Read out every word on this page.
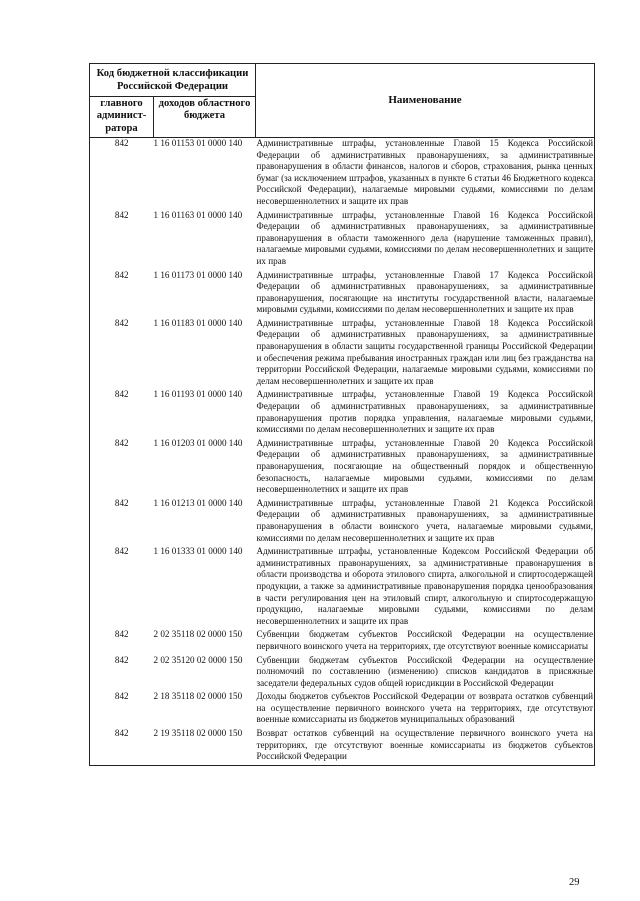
Код бюджетной классификации Российской Федерации		Наименование
главного админист-ратора	доходов областного бюджета	
842	1 16 01153 01 0000 140	Административные штрафы, установленные Главой 15 Кодекса Российской Федерации об административных правонарушениях, за административные правонарушения в области финансов, налогов и сборов, страхования, рынка ценных бумаг (за исключением штрафов, указанных в пункте 6 статьи 46 Бюджетного кодекса Российской Федерации), налагаемые мировыми судьями, комиссиями по делам несовершеннолетних и защите их прав
842	1 16 01163 01 0000 140	Административные штрафы, установленные Главой 16 Кодекса Российской Федерации об административных правонарушениях, за административные правонарушения в области таможенного дела (нарушение таможенных правил), налагаемые мировыми судьями, комиссиями по делам несовершеннолетних и защите их прав
842	1 16 01173 01 0000 140	Административные штрафы, установленные Главой 17 Кодекса Российской Федерации об административных правонарушениях, за административные правонарушения, посягающие на институты государственной власти, налагаемые мировыми судьями, комиссиями по делам несовершеннолетних и защите их прав
842	1 16 01183 01 0000 140	Административные штрафы, установленные Главой 18 Кодекса Российской Федерации об административных правонарушениях, за административные правонарушения в области защиты государственной границы Российской Федерации и обеспечения режима пребывания иностранных граждан или лиц без гражданства на территории Российской Федерации, налагаемые мировыми судьями, комиссиями по делам несовершеннолетних и защите их прав
842	1 16 01193 01 0000 140	Административные штрафы, установленные Главой 19 Кодекса Российской Федерации об административных правонарушениях, за административные правонарушения против порядка управления, налагаемые мировыми судьями, комиссиями по делам несовершеннолетних и защите их прав
842	1 16 01203 01 0000 140	Административные штрафы, установленные Главой 20 Кодекса Российской Федерации об административных правонарушениях, за административные правонарушения, посягающие на общественный порядок и общественную безопасность, налагаемые мировыми судьями, комиссиями по делам несовершеннолетних и защите их прав
842	1 16 01213 01 0000 140	Административные штрафы, установленные Главой 21 Кодекса Российской Федерации об административных правонарушениях, за административные правонарушения в области воинского учета, налагаемые мировыми судьями, комиссиями по делам несовершеннолетних и защите их прав
842	1 16 01333 01 0000 140	Административные штрафы, установленные Кодексом Российской Федерации об административных правонарушениях, за административные правонарушения в области производства и оборота этилового спирта, алкогольной и спиртосодержащей продукции, а также за административные правонарушения порядка ценообразования в части регулирования цен на этиловый спирт, алкогольную и спиртосодержащую продукцию, налагаемые мировыми судьями, комиссиями по делам несовершеннолетних и защите их прав
842	2 02 35118 02 0000 150	Субвенции бюджетам субъектов Российской Федерации на осуществление первичного воинского учета на территориях, где отсутствуют военные комиссариаты
842	2 02 35120 02 0000 150	Субвенции бюджетам субъектов Российской Федерации на осуществление полномочий по составлению (изменению) списков кандидатов в присяжные заседатели федеральных судов общей юрисдикции в Российской Федерации
842	2 18 35118 02 0000 150	Доходы бюджетов субъектов Российской Федерации от возврата остатков субвенций на осуществление первичного воинского учета на территориях, где отсутствуют военные комиссариаты из бюджетов муниципальных образований
842	2 19 35118 02 0000 150	Возврат остатков субвенций на осуществление первичного воинского учета на территориях, где отсутствуют военные комиссариаты из бюджетов субъектов Российской Федерации
29
